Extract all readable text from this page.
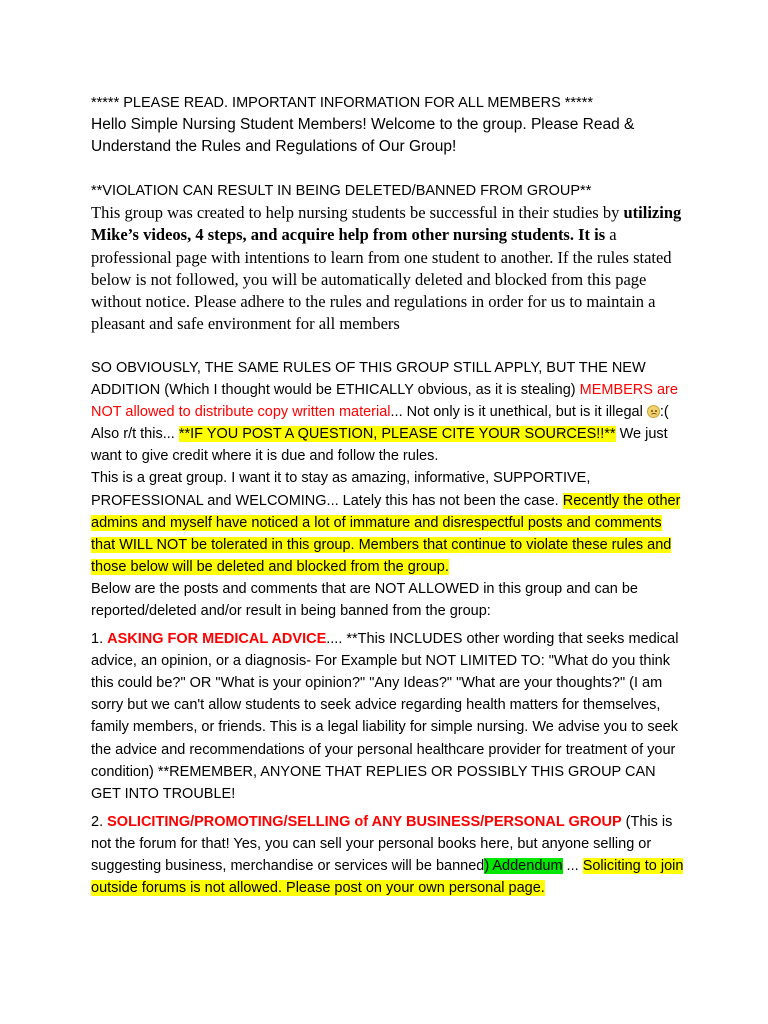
***** PLEASE READ. IMPORTANT INFORMATION FOR ALL MEMBERS *****

Hello Simple Nursing Student Members! Welcome to the group. Please Read & Understand the Rules and Regulations of Our Group!

**VIOLATION CAN RESULT IN BEING DELETED/BANNED FROM GROUP**

This group was created to help nursing students be successful in their studies by utilizing Mike’s videos, 4 steps, and acquire help from other nursing students. It is a professional page with intentions to learn from one student to another. If the rules stated below is not followed, you will be automatically deleted and blocked from this page without notice. Please adhere to the rules and regulations in order for us to maintain a pleasant and safe environment for all members

SO OBVIOUSLY, THE SAME RULES OF THIS GROUP STILL APPLY, BUT THE NEW ADDITION (Which I thought would be ETHICALLY obvious, as it is stealing) MEMBERS are NOT allowed to distribute copy written material... Not only is it unethical, but is it illegal :( Also r/t this... **IF YOU POST A QUESTION, PLEASE CITE YOUR SOURCES!!** We just want to give credit where it is due and follow the rules.

This is a great group. I want it to stay as amazing, informative, SUPPORTIVE, PROFESSIONAL and WELCOMING... Lately this has not been the case. Recently the other admins and myself have noticed a lot of immature and disrespectful posts and comments that WILL NOT be tolerated in this group. Members that continue to violate these rules and those below will be deleted and blocked from the group.

Below are the posts and comments that are NOT ALLOWED in this group and can be reported/deleted and/or result in being banned from the group:

1. ASKING FOR MEDICAL ADVICE.... **This INCLUDES other wording that seeks medical advice, an opinion, or a diagnosis- For Example but NOT LIMITED TO: "What do you think this could be?" OR "What is your opinion?" "Any Ideas?" "What are your thoughts?" (I am sorry but we can't allow students to seek advice regarding health matters for themselves, family members, or friends. This is a legal liability for simple nursing. We advise you to seek the advice and recommendations of your personal healthcare provider for treatment of your condition) **REMEMBER, ANYONE THAT REPLIES OR POSSIBLY THIS GROUP CAN GET INTO TROUBLE!

2. SOLICITING/PROMOTING/SELLING of ANY BUSINESS/PERSONAL GROUP (This is not the forum for that! Yes, you can sell your personal books here, but anyone selling or suggesting business, merchandise or services will be banned) Addendum ... Soliciting to join outside forums is not allowed. Please post on your own personal page.
